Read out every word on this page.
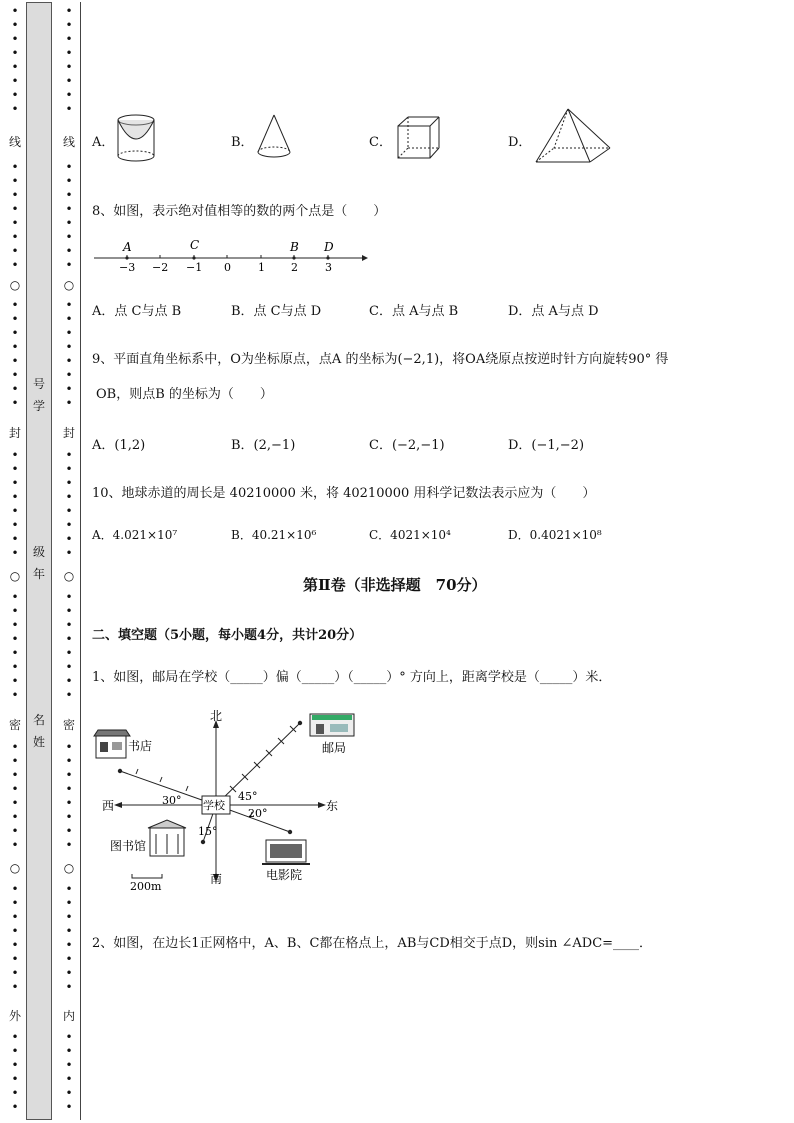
•
•
•
•
•
•
•
•
线
•
•
•
•
•
•
•
•
○
•
•
•
•
•
•
•
•
封
•
•
•
•
•
•
•
•
○
•
•
•
•
•
•
•
•
密
•
•
•
•
•
•
•
•
○
•
•
•
•
•
•
•
•
外
•
•
•
•
•
•
号
学
级
年
名
姓
•
•
•
•
•
•
•
•
线
•
•
•
•
•
•
•
•
○
•
•
•
•
•
•
•
•
封
•
•
•
•
•
•
•
•
○
•
•
•
•
•
•
•
•
密
•
•
•
•
•
•
•
•
○
•
•
•
•
•
•
•
•
内
•
•
•
•
•
•
A．	B．	C．	D．
8、如图，表示绝对值相等的数的两个点是（　　）
A	C	B D
−3 −2 −1 0 1 2 3
A．点 C与点 B	B．点 C与点 D	C．点 A与点 B	D．点 A与点 D
9、平面直角坐标系中，O为坐标原点，点A 的坐标为(−2,1)，将OA绕原点按逆时针方向旋转90° 得
OB，则点B 的坐标为（　　）
A．(1,2)	B．(2,−1)	C．(−2,−1)	D．(−1,−2)
10、地球赤道的周长是 40210000 米，将 40210000 用科学记数法表示应为（　　）
A．4.021×10⁷	B．40.21×10⁶	C．4021×10⁴	D．0.4021×10⁸
第Ⅱ卷（非选择题　70分）
二、填空题（5小题，每小题4分，共计20分）
1、如图，邮局在学校（_____）偏（_____）（_____）° 方向上，距离学校是（_____）米．
北
南
东
西	学校
30°	45°
20°
15°
书店	邮局
图书馆
电影院
200m
2、如图，在边长1正网格中，A、B、C都在格点上，AB与CD相交于点D，则sin ∠ADC=____．
